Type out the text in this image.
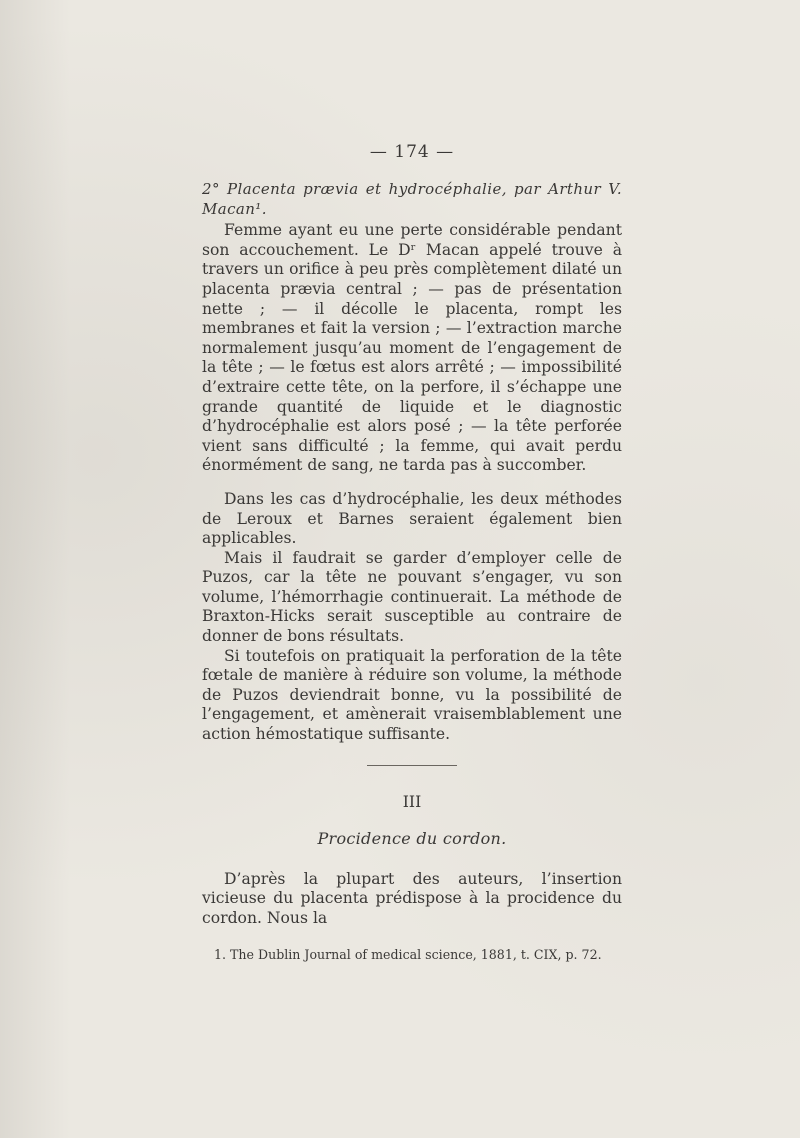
— 174 —

2° Placenta prævia et hydrocéphalie, par Arthur V. Macan¹.

Femme ayant eu une perte considérable pendant son accouchement. Le Dʳ Macan appelé trouve à travers un orifice à peu près complètement dilaté un placenta prævia central ; — pas de présentation nette ; — il décolle le placenta, rompt les membranes et fait la version ; — l’extraction marche normalement jusqu’au moment de l’engagement de la tête ; — le fœtus est alors arrêté ; — impossibilité d’extraire cette tête, on la perfore, il s’échappe une grande quantité de liquide et le diagnostic d’hydrocéphalie est alors posé ; — la tête perforée vient sans difficulté ; la femme, qui avait perdu énormément de sang, ne tarda pas à succomber.

Dans les cas d’hydrocéphalie, les deux méthodes de Leroux et Barnes seraient également bien applicables.

Mais il faudrait se garder d’employer celle de Puzos, car la tête ne pouvant s’engager, vu son volume, l’hémorrhagie continuerait. La méthode de Braxton-Hicks serait susceptible au contraire de donner de bons résultats.

Si toutefois on pratiquait la perforation de la tête fœtale de manière à réduire son volume, la méthode de Puzos deviendrait bonne, vu la possibilité de l’engagement, et amènerait vraisemblablement une action hémostatique suffisante.

III
Procidence du cordon.

D’après la plupart des auteurs, l’insertion vicieuse du placenta prédispose à la procidence du cordon. Nous la

1. The Dublin Journal of medical science, 1881, t. CIX, p. 72.
